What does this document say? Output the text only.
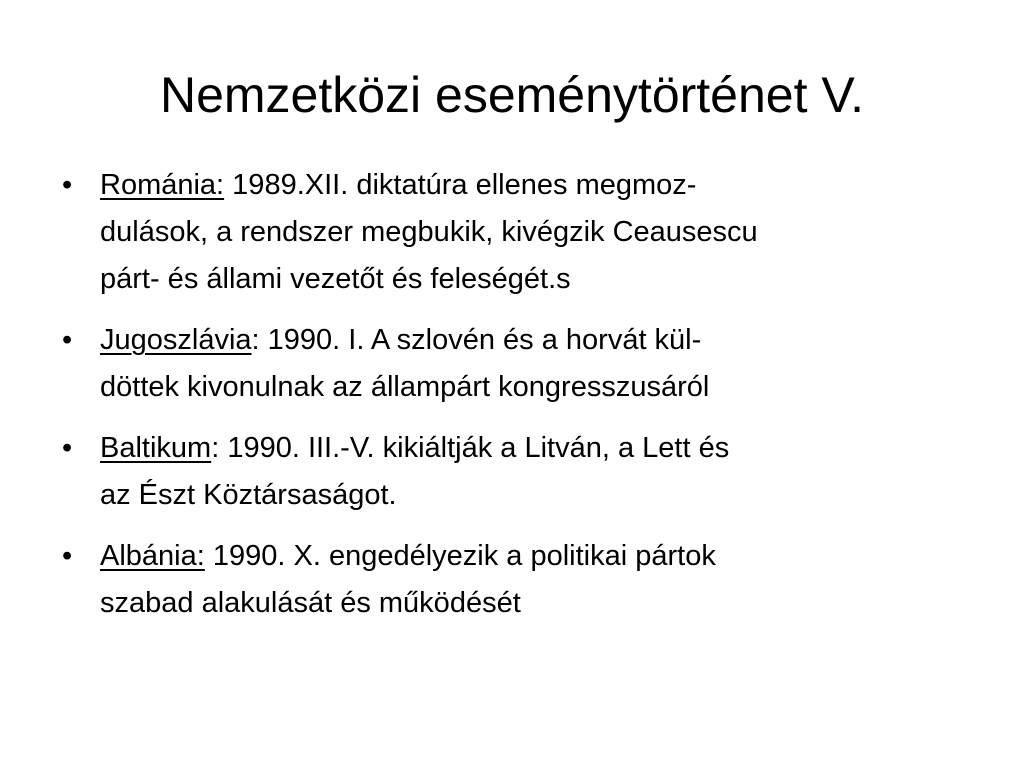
Nemzetközi eseménytörténet V.
• Románia: 1989.XII. diktatúra ellenes megmoz-
dulások, a rendszer megbukik, kivégzik Ceausescu
párt- és állami vezetőt és feleségét.s
• Jugoszlávia: 1990. I. A szlovén és a horvát kül-
döttek kivonulnak az állampárt kongresszusáról
• Baltikum: 1990. III.-V. kikiáltják a Litván, a Lett és
az Észt Köztársaságot.
• Albánia: 1990. X. engedélyezik a politikai pártok
szabad alakulását és működését
